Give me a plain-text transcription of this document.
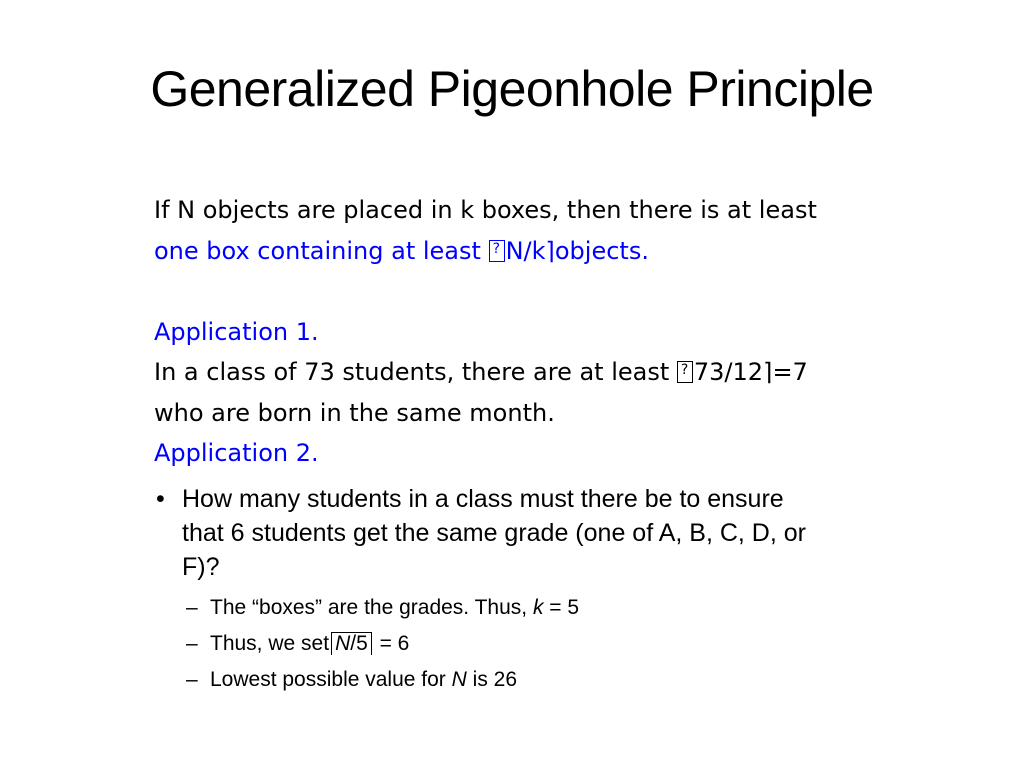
Generalized Pigeonhole Principle
If N objects are placed in k boxes, then there is at least
one box containing at least ?N/k⌉objects.
Application 1.
In a class of 73 students, there are at least ?73/12⌉=7
who are born in the same month.
Application 2.
• How many students in a class must there be to ensure that 6 students get the same grade (one of A, B, C, D, or F)?
– The “boxes” are the grades. Thus, k = 5
– Thus, we set N/5 = 6
– Lowest possible value for N is 26
